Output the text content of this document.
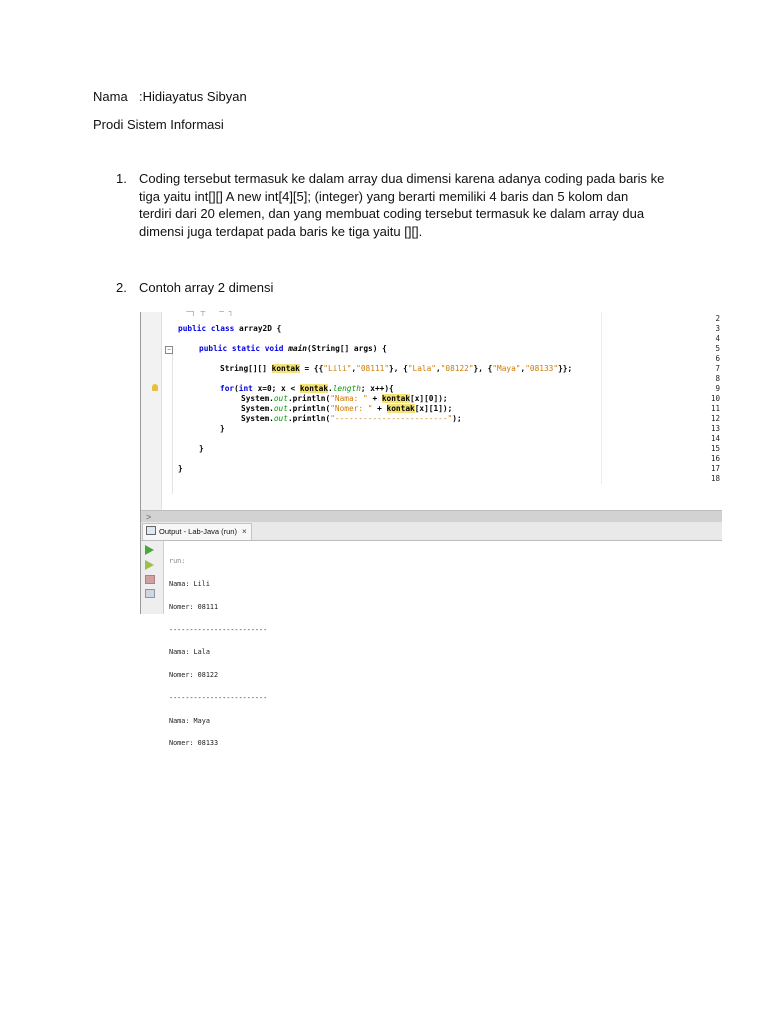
Nama :Hidiayatus Sibyan
Prodi Sistem Informasi
1. Coding tersebut termasuk ke dalam array dua dimensi karena adanya coding pada baris ke
tiga yaitu int[][] A new int[4][5]; (integer) yang berarti memiliki 4 baris dan 5 kolom dan
terdiri dari 20 elemen, dan yang membuat coding tersebut termasuk ke dalam array dua
dimensi juga terdapat pada baris ke tiga yaitu [][].
2. Contoh array 2 dimensi
2
3
4
5
6
7
8
9
10
11
12
13
14
15
16
17
18
−
─┐ ┬   ─ ┐
public class array2D {
public static void main(String[] args) {
String[][] kontak = {{"Lili","08111"}, {"Lala","08122"}, {"Maya","08133"}};
for(int x=0; x < kontak.length; x++){
System.out.println("Nama: " + kontak[x][0]);
System.out.println("Nomer: " + kontak[x][1]);
System.out.println("------------------------");
}
}
}
>
Output - Lab-Java (run) ×

run:

Nama: Lili

Nomer: 08111

------------------------

Nama: Lala

Nomer: 08122

------------------------

Nama: Maya

Nomer: 08133
